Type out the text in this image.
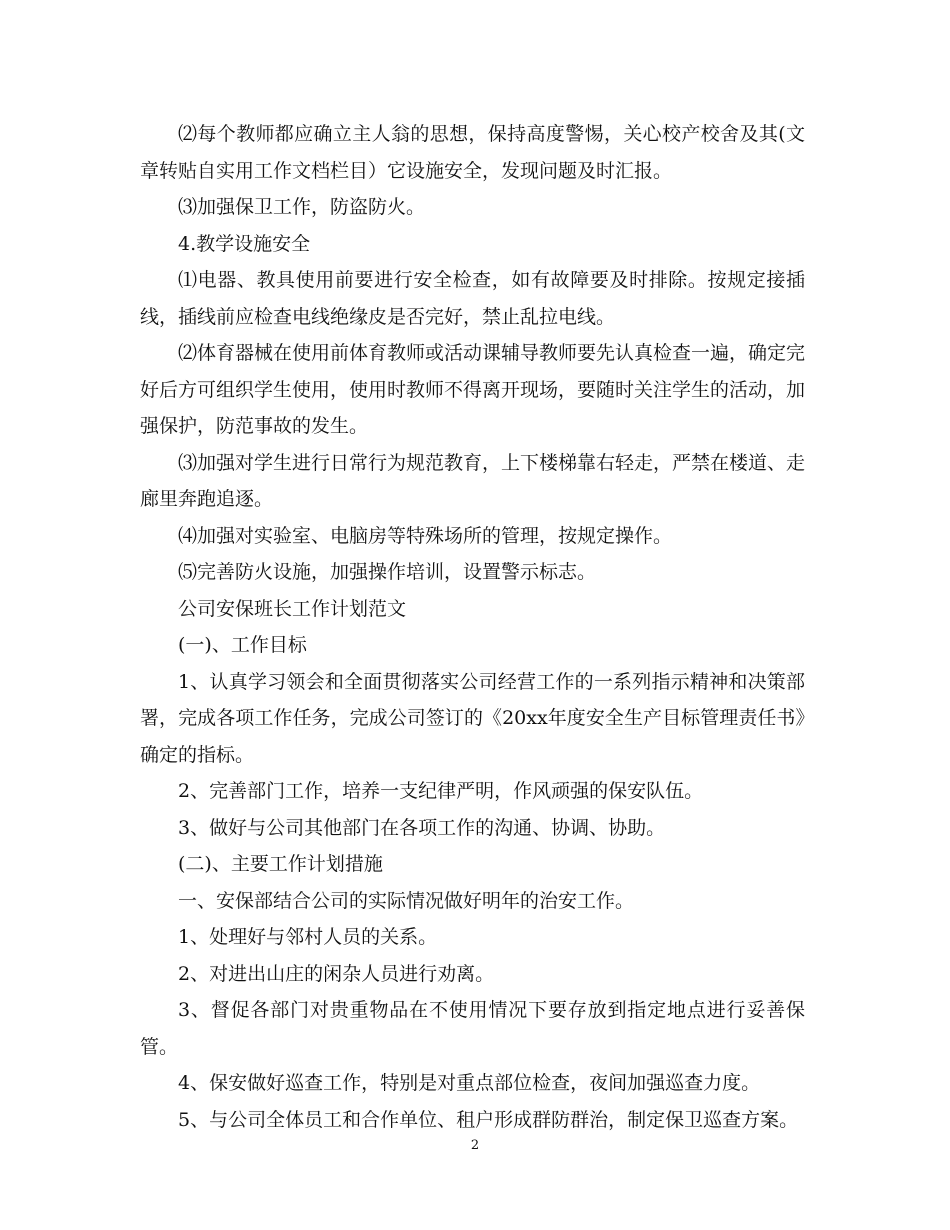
⑵每个教师都应确立主人翁的思想，保持高度警惕，关心校产校舍及其(文章转贴自实用工作文档栏目）它设施安全，发现问题及时汇报。

⑶加强保卫工作，防盗防火。

4.教学设施安全

⑴电器、教具使用前要进行安全检查，如有故障要及时排除。按规定接插线，插线前应检查电线绝缘皮是否完好，禁止乱拉电线。

⑵体育器械在使用前体育教师或活动课辅导教师要先认真检查一遍，确定完好后方可组织学生使用，使用时教师不得离开现场，要随时关注学生的活动，加强保护，防范事故的发生。

⑶加强对学生进行日常行为规范教育，上下楼梯靠右轻走，严禁在楼道、走廊里奔跑追逐。

⑷加强对实验室、电脑房等特殊场所的管理，按规定操作。

⑸完善防火设施，加强操作培训，设置警示标志。

公司安保班长工作计划范文

(一)、工作目标

1、认真学习领会和全面贯彻落实公司经营工作的一系列指示精神和决策部署，完成各项工作任务，完成公司签订的《20xx年度安全生产目标管理责任书》确定的指标。

2、完善部门工作，培养一支纪律严明，作风顽强的保安队伍。

3、做好与公司其他部门在各项工作的沟通、协调、协助。

(二)、主要工作计划措施

一、安保部结合公司的实际情况做好明年的治安工作。

1、处理好与邻村人员的关系。

2、对进出山庄的闲杂人员进行劝离。

3、督促各部门对贵重物品在不使用情况下要存放到指定地点进行妥善保管。

4、保安做好巡查工作，特别是对重点部位检查，夜间加强巡查力度。

5、与公司全体员工和合作单位、租户形成群防群治，制定保卫巡查方案。

2
